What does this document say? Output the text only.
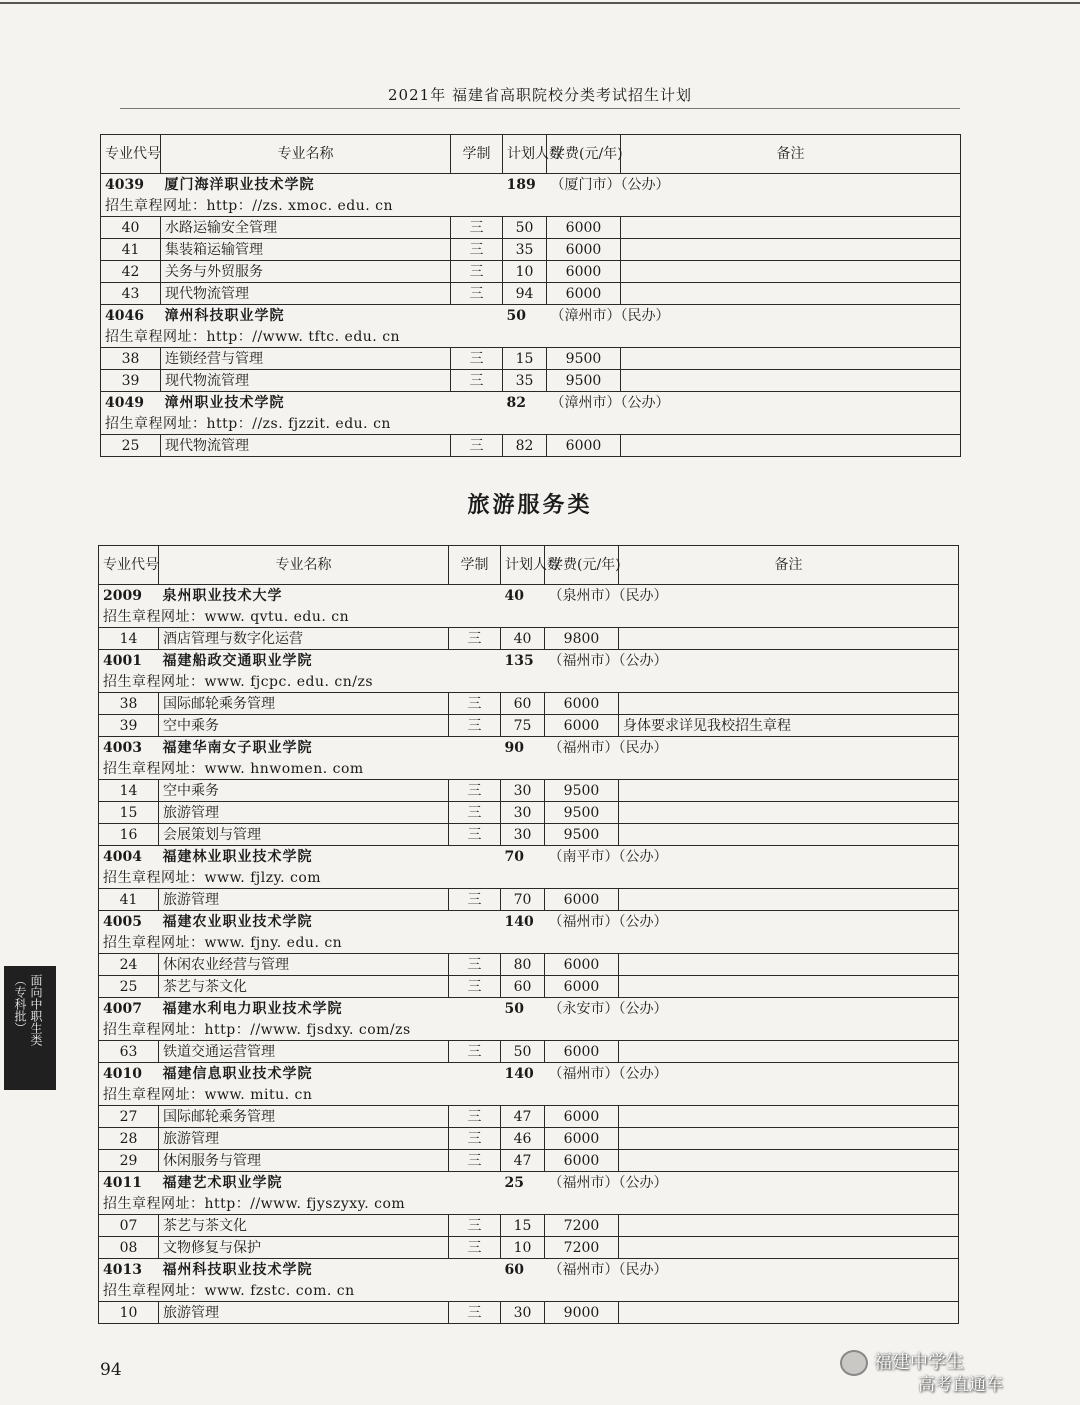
2021年 福建省高职院校分类考试招生计划
专业代号	专业名称	学制	计划人数	学费(元/年)	备注
4039	厦门海洋职业技术学院		189	（厦门市）（公办）	
招生章程网址：http：//zs. xmoc. edu. cn					
40	水路运输安全管理	三	50	6000	
41	集装箱运输管理	三	35	6000	
42	关务与外贸服务	三	10	6000	
43	现代物流管理	三	94	6000	
4046	漳州科技职业学院		50	（漳州市）（民办）	
招生章程网址：http：//www. tftc. edu. cn					
38	连锁经营与管理	三	15	9500	
39	现代物流管理	三	35	9500	
4049	漳州职业技术学院		82	（漳州市）（公办）	
招生章程网址：http：//zs. fjzzit. edu. cn					
25	现代物流管理	三	82	6000	
旅游服务类
专业代号	专业名称	学制	计划人数	学费(元/年)	备注
2009	泉州职业技术大学		40	（泉州市）（民办）	
招生章程网址：www. qvtu. edu. cn					
14	酒店管理与数字化运营	三	40	9800	
4001	福建船政交通职业学院		135	（福州市）（公办）	
招生章程网址：www. fjcpc. edu. cn/zs					
38	国际邮轮乘务管理	三	60	6000	
39	空中乘务	三	75	6000	身体要求详见我校招生章程
4003	福建华南女子职业学院		90	（福州市）（民办）	
招生章程网址：www. hnwomen. com					
14	空中乘务	三	30	9500	
15	旅游管理	三	30	9500	
16	会展策划与管理	三	30	9500	
4004	福建林业职业技术学院		70	（南平市）（公办）	
招生章程网址：www. fjlzy. com					
41	旅游管理	三	70	6000	
4005	福建农业职业技术学院		140	（福州市）（公办）	
招生章程网址：www. fjny. edu. cn					
24	休闲农业经营与管理	三	80	6000	
25	茶艺与茶文化	三	60	6000	
4007	福建水利电力职业技术学院		50	（永安市）（公办）	
招生章程网址：http：//www. fjsdxy. com/zs					
63	铁道交通运营管理	三	50	6000	
4010	福建信息职业技术学院		140	（福州市）（公办）	
招生章程网址：www. mitu. cn					
27	国际邮轮乘务管理	三	47	6000	
28	旅游管理	三	46	6000	
29	休闲服务与管理	三	47	6000	
4011	福建艺术职业学院		25	（福州市）（公办）	
招生章程网址：http：//www. fjyszyxy. com					
07	茶艺与茶文化	三	15	7200	
08	文物修复与保护	三	10	7200	
4013	福州科技职业技术学院		60	（福州市）（民办）	
招生章程网址：www. fzstc. com. cn					
10	旅游管理	三	30	9000	
面向中职生类
（专科批）
94	福建中学生
高考直通车
